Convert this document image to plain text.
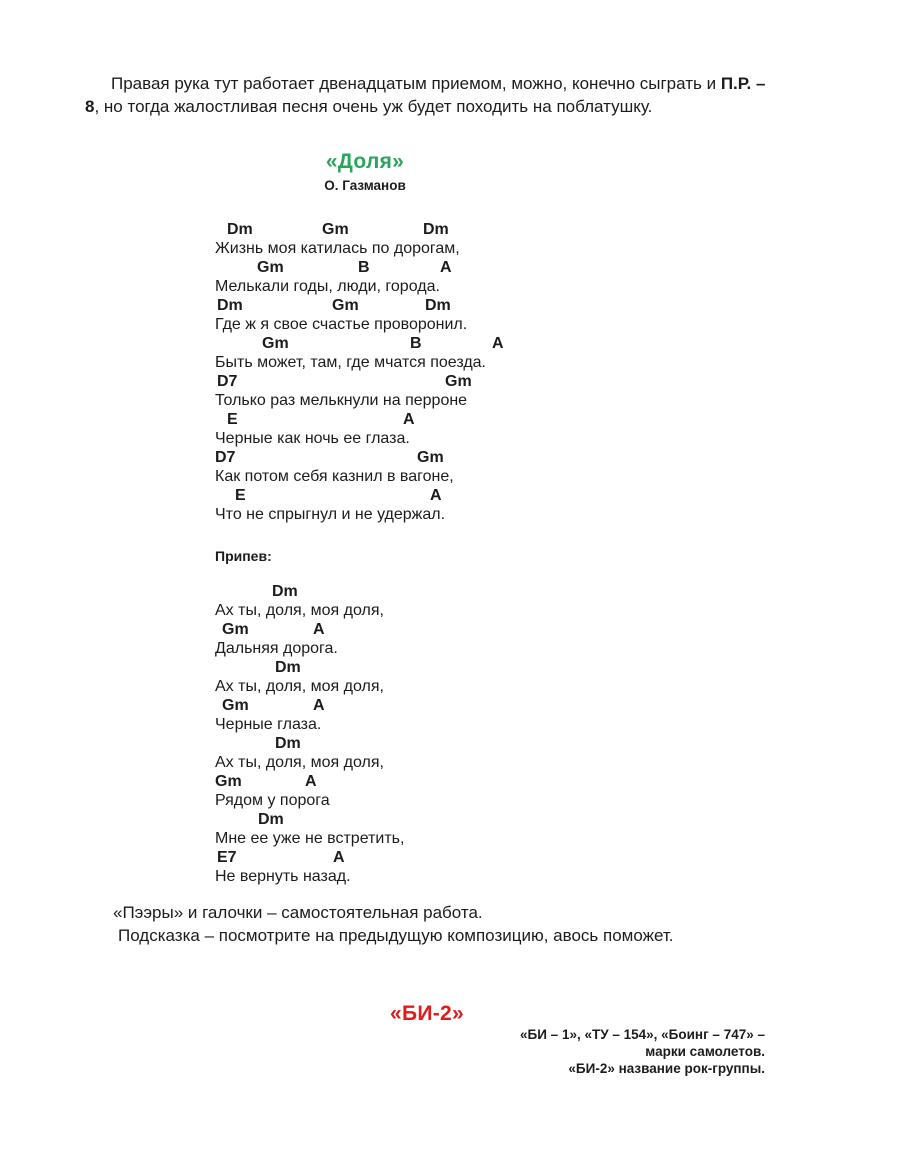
Правая рука тут работает двенадцатым приемом, можно, конечно сыграть и П.Р. –
8, но тогда жалостливая песня очень уж будет походить на поблатушку.
«Доля»
О. Газманов
Dm	Gm	Dm
Жизнь моя катилась по дорогам,
Gm	B	A
Мелькали годы, люди, города.
Dm	Gm	Dm
Где ж я свое счастье проворонил.
Gm	B	A
Быть может, там, где мчатся поезда.
D7	Gm
Только раз мелькнули на перроне
E	A
Черные как ночь ее глаза.
D7	Gm
Как потом себя казнил в вагоне,
E	A
Что не спрыгнул и не удержал.
Припев:
Dm
Ах ты, доля, моя доля,
Gm	A
Дальняя дорога.
Dm
Ах ты, доля, моя доля,
Gm	A
Черные глаза.
Dm
Ах ты, доля, моя доля,
Gm	A
Рядом у порога
Dm
Мне ее уже не встретить,
E7	A
Не вернуть назад.
«Пээры» и галочки – самостоятельная работа.
Подсказка – посмотрите на предыдущую композицию, авось поможет.
«БИ-2»
«БИ – 1», «ТУ – 154», «Боинг – 747» –
марки самолетов.
«БИ-2» название рок-группы.
